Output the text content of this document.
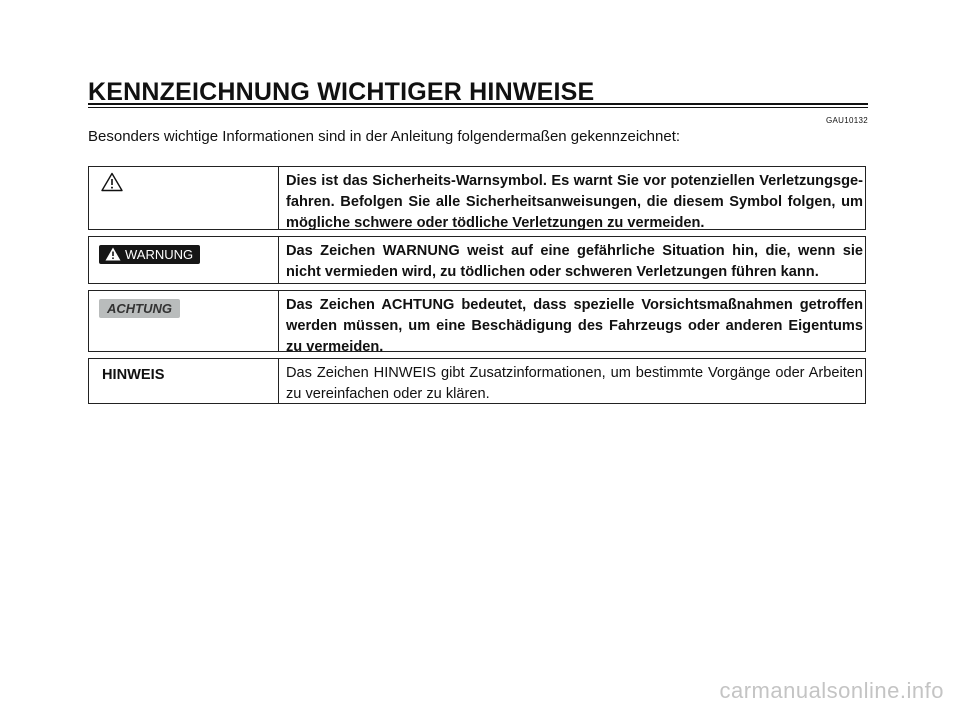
KENNZEICHNUNG WICHTIGER HINWEISE
GAU10132
Besonders wichtige Informationen sind in der Anleitung folgendermaßen gekennzeichnet:
Dies ist das Sicherheits-Warnsymbol. Es warnt Sie vor potenziellen Verletzungsge- fahren. Befolgen Sie alle Sicherheitsanweisungen, die diesem Symbol folgen, um mögliche schwere oder tödliche Verletzungen zu vermeiden.
WARNUNG	Das Zeichen WARNUNG weist auf eine gefährliche Situation hin, die, wenn sie nicht vermieden wird, zu tödlichen oder schweren Verletzungen führen kann.
ACHTUNG	Das Zeichen ACHTUNG bedeutet, dass spezielle Vorsichtsmaßnahmen getroffen werden müssen, um eine Beschädigung des Fahrzeugs oder anderen Eigentums zu vermeiden.
HINWEIS	Das Zeichen HINWEIS gibt Zusatzinformationen, um bestimmte Vorgänge oder Arbeiten zu vereinfachen oder zu klären.
carmanualsonline.info
